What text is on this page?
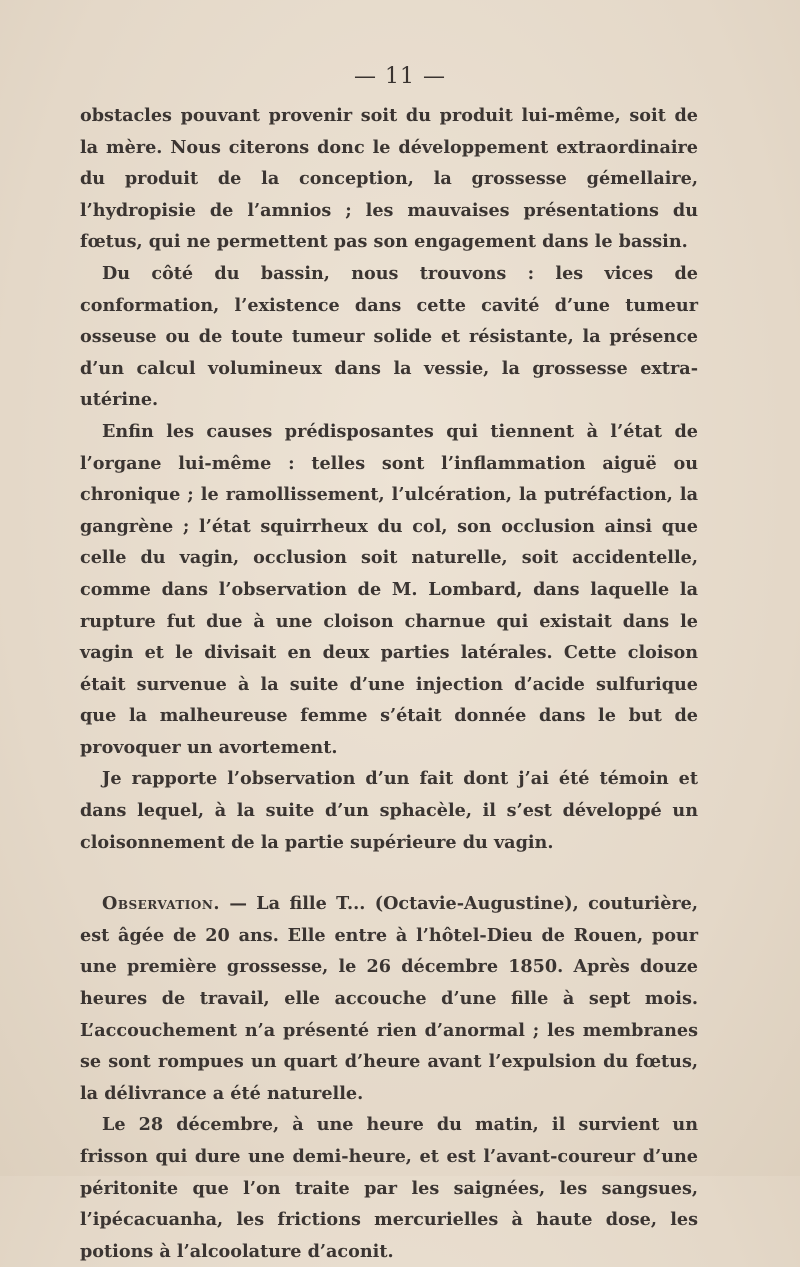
— 11 —

obstacles pouvant provenir soit du produit lui-même, soit de la mère. Nous citerons donc le développement extraordinaire du produit de la conception, la grossesse gémellaire, l’hydropisie de l’amnios ; les mauvaises présentations du fœtus, qui ne permettent pas son engagement dans le bassin.

Du côté du bassin, nous trouvons : les vices de conformation, l’existence dans cette cavité d’une tumeur osseuse ou de toute tumeur solide et résistante, la présence d’un calcul volumineux dans la vessie, la grossesse extra-utérine.

Enfin les causes prédisposantes qui tiennent à l’état de l’organe lui-même : telles sont l’inflammation aiguë ou chronique ; le ramollissement, l’ulcération, la putréfaction, la gangrène ; l’état squirrheux du col, son occlusion ainsi que celle du vagin, occlusion soit naturelle, soit accidentelle, comme dans l’observation de M. Lombard, dans laquelle la rupture fut due à une cloison charnue qui existait dans le vagin et le divisait en deux parties latérales. Cette cloison était survenue à la suite d’une injection d’acide sulfurique que la malheureuse femme s’était donnée dans le but de provoquer un avortement.

Je rapporte l’observation d’un fait dont j’ai été témoin et dans lequel, à la suite d’un sphacèle, il s’est développé un cloisonnement de la partie supérieure du vagin.

Observation. — La fille T... (Octavie-Augustine), couturière, est âgée de 20 ans. Elle entre à l’hôtel-Dieu de Rouen, pour une première grossesse, le 26 décembre 1850. Après douze heures de travail, elle accouche d’une fille à sept mois. L’accouchement n’a présenté rien d’anormal ; les membranes se sont rompues un quart d’heure avant l’expulsion du fœtus, la délivrance a été naturelle.

Le 28 décembre, à une heure du matin, il survient un frisson qui dure une demi-heure, et est l’avant-coureur d’une péritonite que l’on traite par les saignées, les sangsues, l’ipécacuanha, les frictions mercurielles à haute dose, les potions à l’alcoolature d’aconit.
